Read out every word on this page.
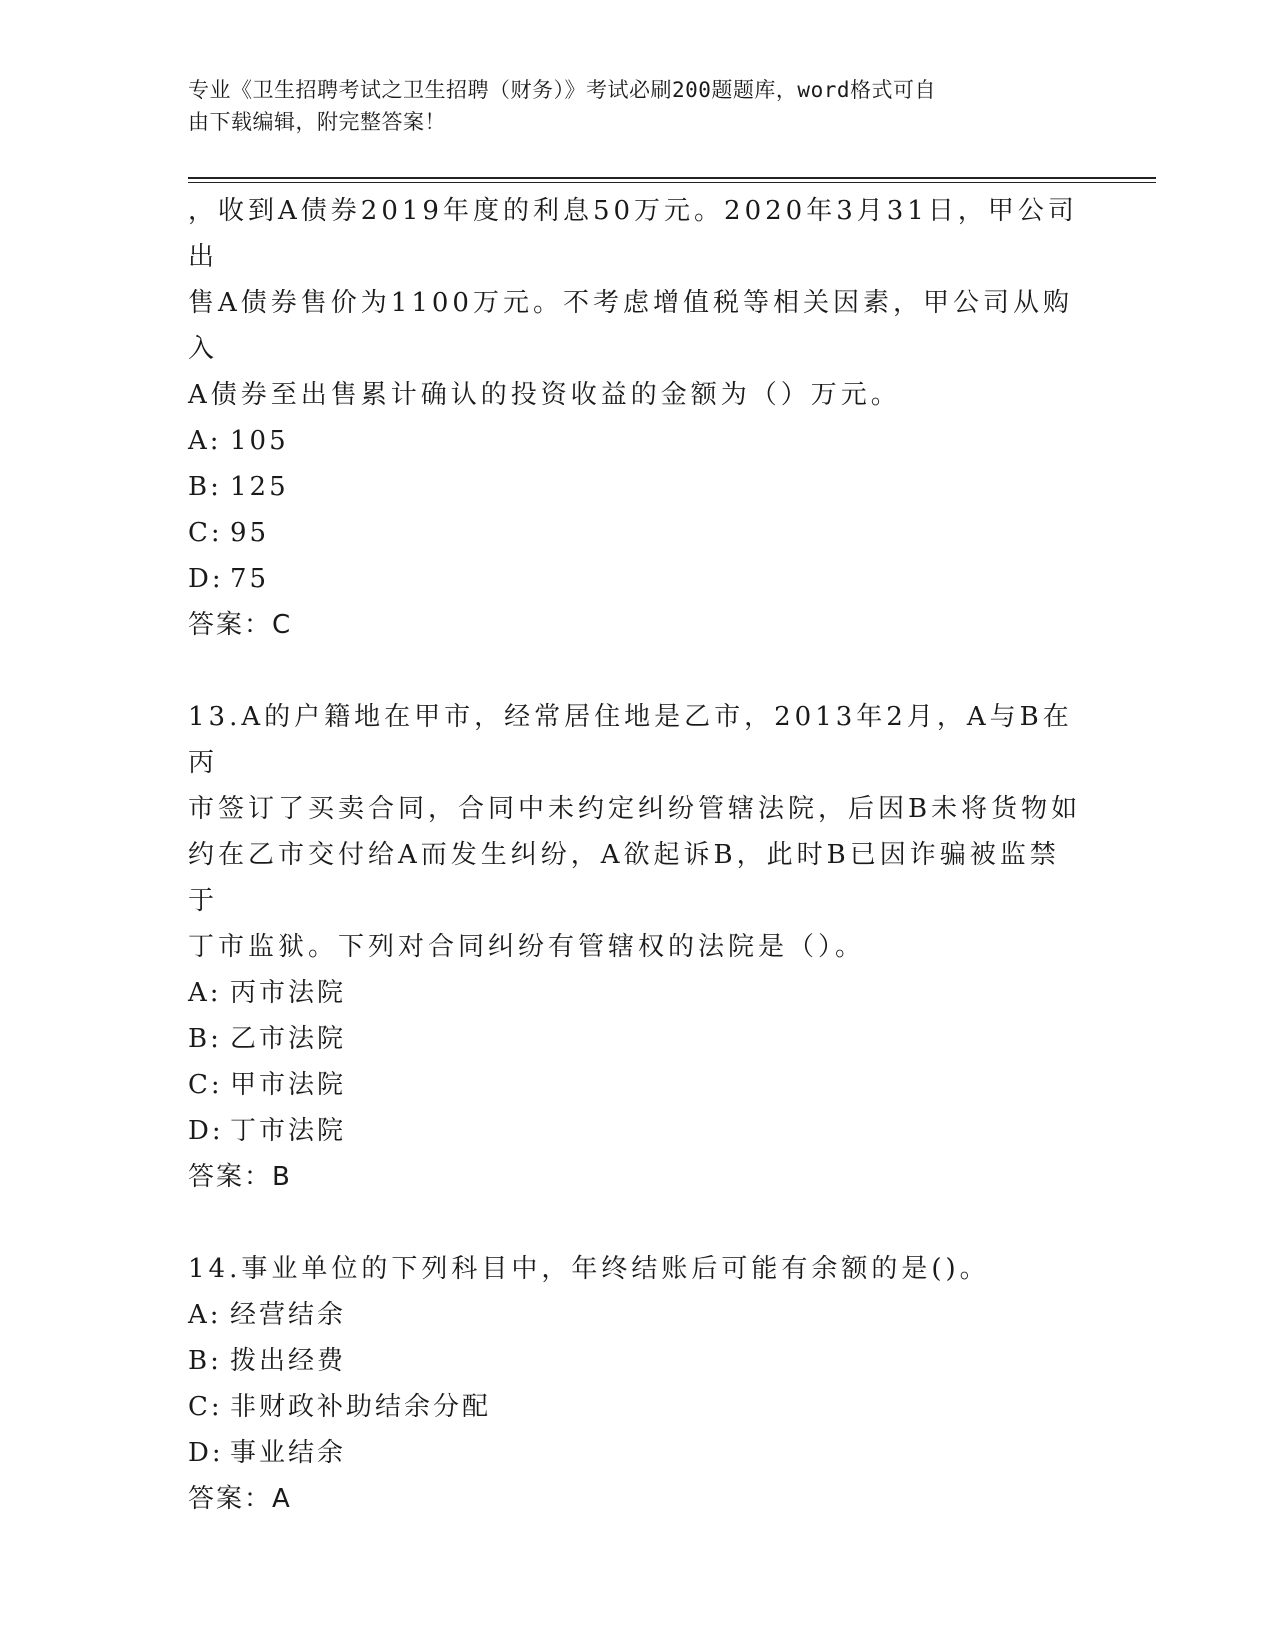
专业《卫生招聘考试之卫生招聘（财务）》考试必刷200题题库，word格式可自
由下载编辑，附完整答案！

，收到A债券2019年度的利息50万元。2020年3月31日，甲公司出
售A债券售价为1100万元。不考虑增值税等相关因素，甲公司从购入
A债券至出售累计确认的投资收益的金额为（）万元。

A: 105
B: 125
C: 95
D: 75
答案：C

13.A的户籍地在甲市，经常居住地是乙市，2013年2月，A与B在丙
市签订了买卖合同，合同中未约定纠纷管辖法院，后因B未将货物如
约在乙市交付给A而发生纠纷，A欲起诉B，此时B已因诈骗被监禁于
丁市监狱。下列对合同纠纷有管辖权的法院是（）。

A: 丙市法院
B: 乙市法院
C: 甲市法院
D: 丁市法院
答案：B

14.事业单位的下列科目中，年终结账后可能有余额的是()。

A: 经营结余
B: 拨出经费
C: 非财政补助结余分配
D: 事业结余
答案：A
